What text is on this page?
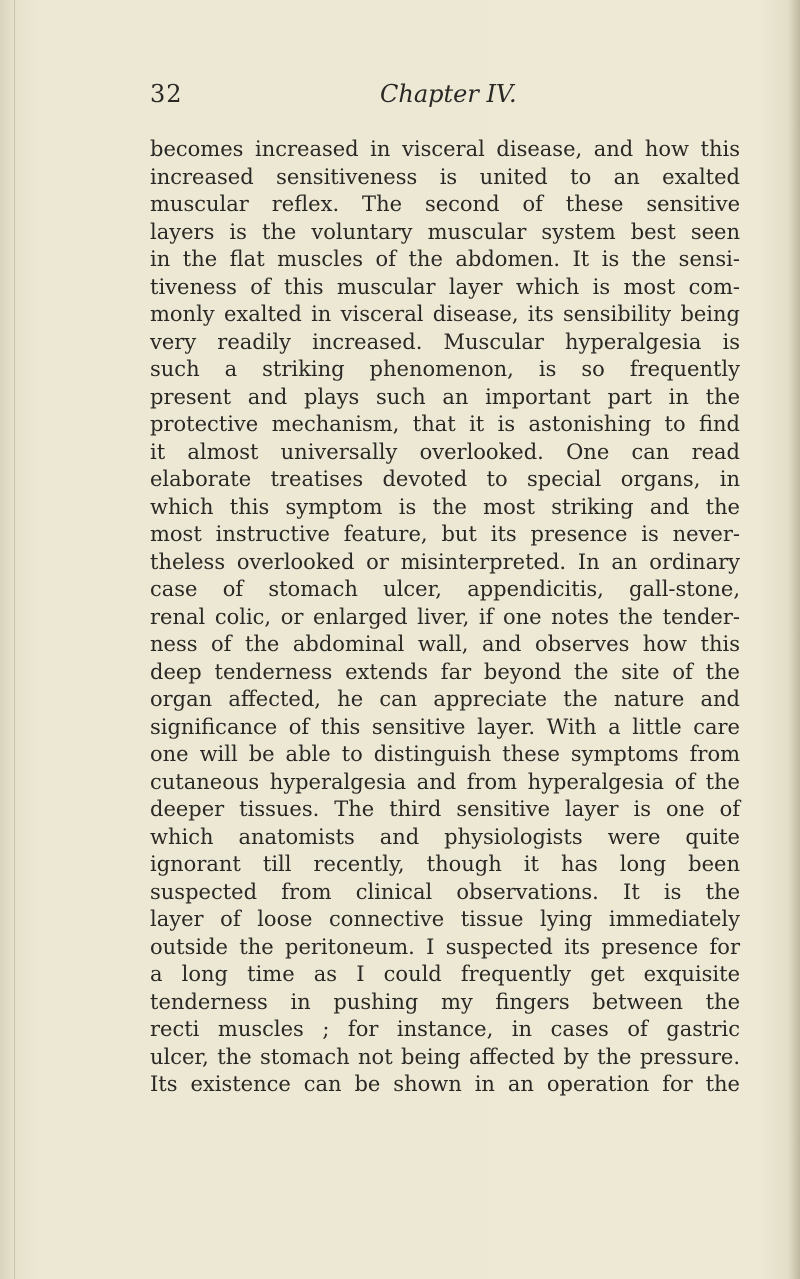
32	Chapter IV.
becomes increased in visceral disease, and how this
increased sensitiveness is united to an exalted
muscular reflex. The second of these sensitive
layers is the voluntary muscular system best seen
in the flat muscles of the abdomen. It is the sensi-
tiveness of this muscular layer which is most com-
monly exalted in visceral disease, its sensibility being
very readily increased. Muscular hyperalgesia is
such a striking phenomenon, is so frequently
present and plays such an important part in the
protective mechanism, that it is astonishing to find
it almost universally overlooked. One can read
elaborate treatises devoted to special organs, in
which this symptom is the most striking and the
most instructive feature, but its presence is never-
theless overlooked or misinterpreted. In an ordinary
case of stomach ulcer, appendicitis, gall-stone,
renal colic, or enlarged liver, if one notes the tender-
ness of the abdominal wall, and observes how this
deep tenderness extends far beyond the site of the
organ affected, he can appreciate the nature and
significance of this sensitive layer. With a little care
one will be able to distinguish these symptoms from
cutaneous hyperalgesia and from hyperalgesia of the
deeper tissues. The third sensitive layer is one of
which anatomists and physiologists were quite
ignorant till recently, though it has long been
suspected from clinical observations. It is the
layer of loose connective tissue lying immediately
outside the peritoneum. I suspected its presence for
a long time as I could frequently get exquisite
tenderness in pushing my fingers between the
recti muscles ; for instance, in cases of gastric
ulcer, the stomach not being affected by the pressure.
Its existence can be shown in an operation for the
